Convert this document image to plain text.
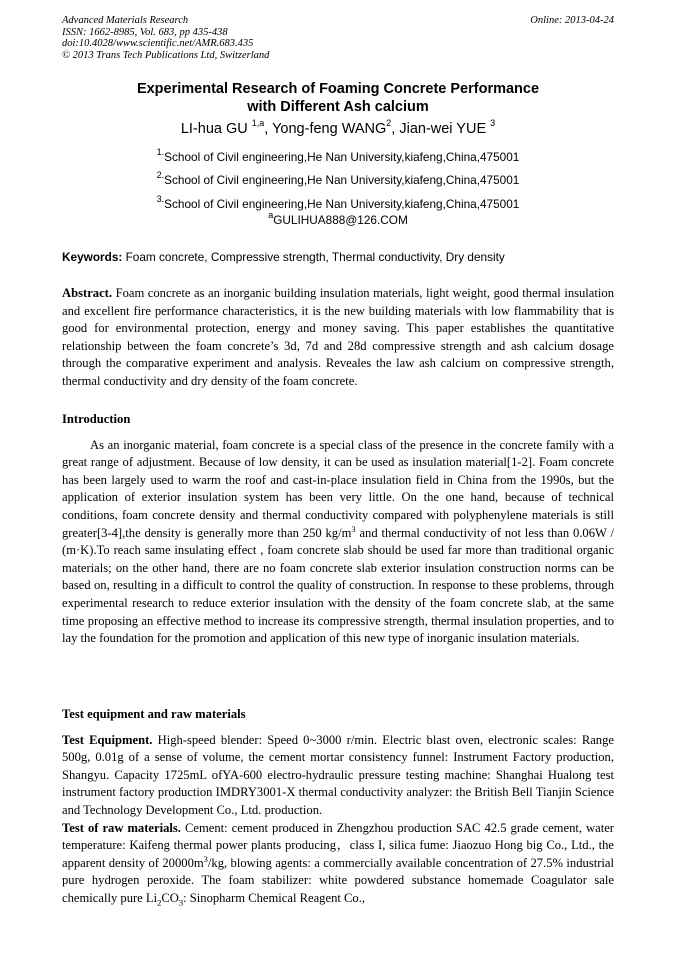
Advanced Materials Research
ISSN: 1662-8985, Vol. 683, pp 435-438
doi:10.4028/www.scientific.net/AMR.683.435
© 2013 Trans Tech Publications Ltd, Switzerland
Online: 2013-04-24
Experimental Research of Foaming Concrete Performance
with Different Ash calcium
LI-hua GU $^{1,a}$, Yong-feng WANG$^2$, Jian-wei YUE $^3$
$^{1.}$School of Civil engineering,He Nan University,kiafeng,China,475001
$^{2.}$School of Civil engineering,He Nan University,kiafeng,China,475001
$^{3.}$School of Civil engineering,He Nan University,kiafeng,China,475001
$^a$GULIHUA888@126.COM
Keywords: Foam concrete, Compressive strength, Thermal conductivity, Dry density

Abstract. Foam concrete as an inorganic building insulation materials, light weight, good thermal insulation and excellent fire performance characteristics, it is the new building materials with low flammability that is good for environmental protection, energy and money saving. This paper establishes the quantitative relationship between the foam concrete’s 3d, 7d and 28d compressive strength and ash calcium dosage through the comparative experiment and analysis. Reveales the law ash calcium on compressive strength, thermal conductivity and dry density of the foam concrete.

Introduction

As an inorganic material, foam concrete is a special class of the presence in the concrete family with a great range of adjustment. Because of low density, it can be used as insulation material[1-2]. Foam concrete has been largely used to warm the roof and cast-in-place insulation field in China from the 1990s, but the application of exterior insulation system has been very little. On the one hand, because of technical conditions, foam concrete density and thermal conductivity compared with polyphenylene materials is still greater[3-4],the density is generally more than 250 $kg/m^3$ and thermal conductivity of not less than 0.06W / (m·K).To reach same insulating effect , foam concrete slab should be used far more than traditional organic materials; on the other hand, there are no foam concrete slab exterior insulation construction norms can be based on, resulting in a difficult to control the quality of construction. In response to these problems, through experimental research to reduce exterior insulation with the density of the foam concrete slab, at the same time proposing an effective method to increase its compressive strength, thermal insulation properties, and to lay the foundation for the promotion and application of this new type of inorganic insulation materials.

Test equipment and raw materials

Test Equipment. High-speed blender: Speed 0~3000 r/min. Electric blast oven, electronic scales: Range 500g, 0.01g of a sense of volume, the cement mortar consistency funnel: Instrument Factory production, Shangyu. Capacity 1725mL ofYA-600 electro-hydraulic pressure testing machine: Shanghai Hualong test instrument factory production IMDRY3001-X thermal conductivity analyzer: the British Bell Tianjin Science and Technology Development Co., Ltd. production.

Test of raw materials. Cement: cement produced in Zhengzhou production SAC 42.5 grade cement, water temperature: Kaifeng thermal power plants producing，class I, silica fume: Jiaozuo Hong big Co., Ltd., the apparent density of $20000m^3/kg$, blowing agents: a commercially available concentration of 27.5% industrial pure hydrogen peroxide. The foam stabilizer: white powdered substance homemade Coagulator sale chemically pure $Li_2CO_3$: Sinopharm Chemical Reagent Co.,
